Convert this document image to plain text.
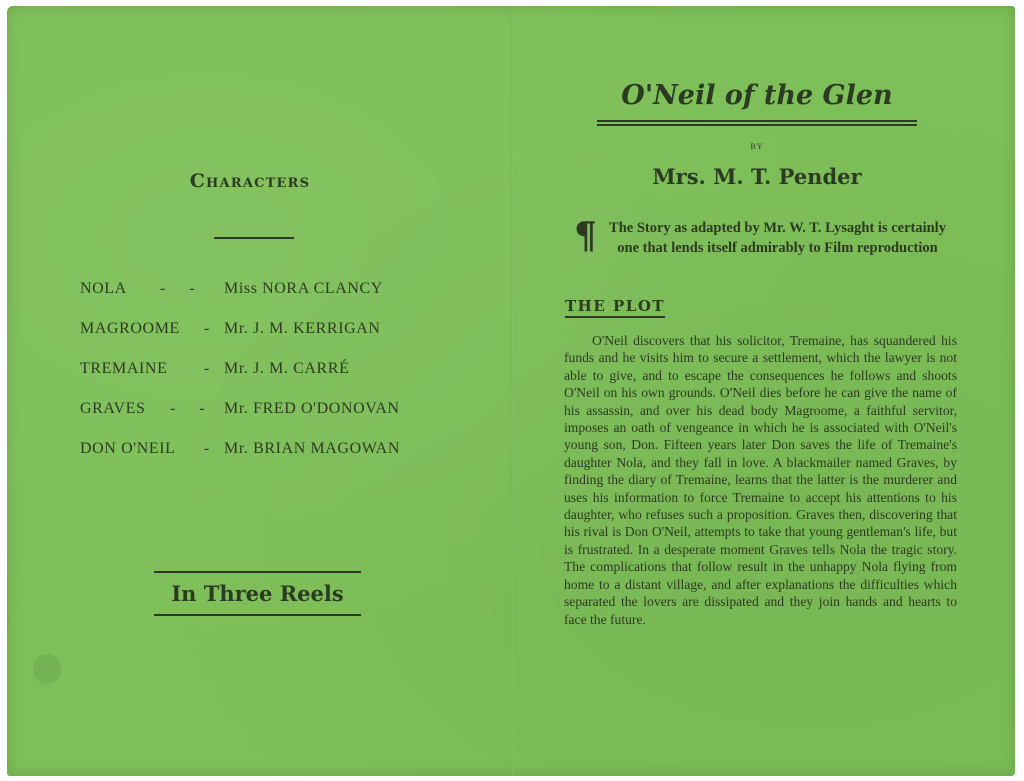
Characters
NOLA - - Miss NORA CLANCY
MAGROOME - Mr. J. M. KERRIGAN
TREMAINE - Mr. J. M. CARRÉ
GRAVES - - Mr. FRED O'DONOVAN
DON O'NEIL - Mr. BRIAN MAGOWAN
In Three Reels
O'Neil of the Glen
BY
Mrs. M. T. Pender
¶ The Story as adapted by Mr. W. T. Lysaght is certainly one that lends itself admirably to Film reproduction
THE PLOT
O'Neil discovers that his solicitor, Tremaine, has squandered his funds and he visits him to secure a settlement, which the lawyer is not able to give, and to escape the consequences he follows and shoots O'Neil on his own grounds. O'Neil dies before he can give the name of his assassin, and over his dead body Magroome, a faithful servitor, imposes an oath of vengeance in which he is associated with O'Neil's young son, Don. Fifteen years later Don saves the life of Tremaine's daughter Nola, and they fall in love. A blackmailer named Graves, by finding the diary of Tremaine, learns that the latter is the murderer and uses his information to force Tremaine to accept his attentions to his daughter, who refuses such a proposition. Graves then, discovering that his rival is Don O'Neil, attempts to take that young gentleman's life, but is frustrated. In a desperate moment Graves tells Nola the tragic story. The complications that follow result in the unhappy Nola flying from home to a distant village, and after explanations the difficulties which separated the lovers are dissipated and they join hands and hearts to face the future.
